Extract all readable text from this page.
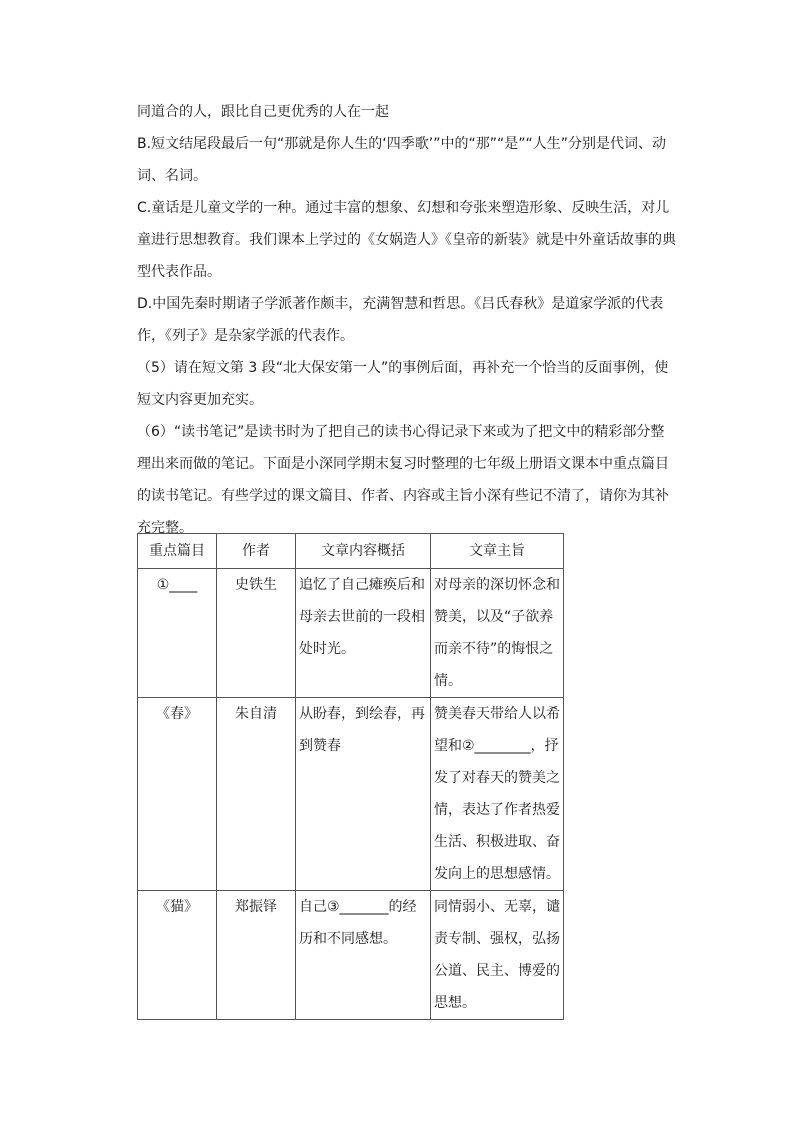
同道合的人，跟比自己更优秀的人在一起

B.短文结尾段最后一句“那就是你人生的‘四季歌’”中的“那”“是”“人生”分别是代词、动词、名词。

C.童话是儿童文学的一种。通过丰富的想象、幻想和夸张来塑造形象、反映生活，对儿童进行思想教育。我们课本上学过的《女娲造人》《皇帝的新装》就是中外童话故事的典型代表作品。

D.中国先秦时期诸子学派著作颇丰，充满智慧和哲思。《吕氏春秋》是道家学派的代表作，《列子》是杂家学派的代表作。

（5）请在短文第 3 段“北大保安第一人”的事例后面，再补充一个恰当的反面事例，使短文内容更加充实。

（6）“读书笔记”是读书时为了把自己的读书心得记录下来或为了把文中的精彩部分整理出来而做的笔记。下面是小深同学期末复习时整理的七年级上册语文课本中重点篇目的读书笔记。有些学过的课文篇目、作者、内容或主旨小深有些记不清了，请你为其补充完整。

重点篇目	作者	文章内容概括	文章主旨
①____	史铁生	追忆了自己瘫痪后和母亲去世前的一段相处时光。	对母亲的深切怀念和赞美，以及“子欲养而亲不待”的悔恨之情。
《春》	朱自清	从盼春，到绘春，再到赞春	赞美春天带给人以希望和②________，抒发了对春天的赞美之情，表达了作者热爱生活、积极进取、奋发向上的思想感情。
《猫》	郑振铎	自己③_______的经历和不同感想。	同情弱小、无辜，谴责专制、强权，弘扬公道、民主、博爱的思想。
